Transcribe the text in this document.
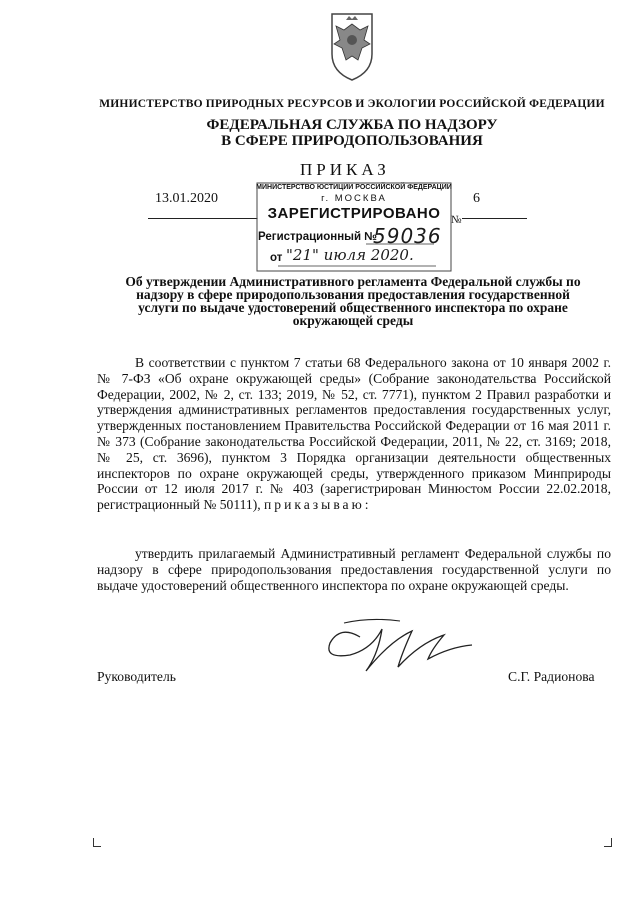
МИНИСТЕРСТВО ПРИРОДНЫХ РЕСУРСОВ И ЭКОЛОГИИ РОССИЙСКОЙ ФЕДЕРАЦИИ
ФЕДЕРАЛЬНАЯ СЛУЖБА ПО НАДЗОРУ
В СФЕРЕ ПРИРОДОПОЛЬЗОВАНИЯ
ПРИКАЗ
13.01.2020
№
6
МИНИСТЕРСТВО ЮСТИЦИИ РОССИЙСКОЙ ФЕДЕРАЦИИ
г. МОСКВА
ЗАРЕГИСТРИРОВАНО
Регистрационный №
59036
от "21" июля 2020.
Об утверждении Административного регламента Федеральной службы по надзору в сфере природопользования предоставления государственной услуги по выдаче удостоверений общественного инспектора по охране окружающей среды
В соответствии с пунктом 7 статьи 68 Федерального закона от 10 января 2002 г. № 7-ФЗ «Об охране окружающей среды» (Собрание законодательства Российской Федерации, 2002, № 2, ст. 133; 2019, № 52, ст. 7771), пунктом 2 Правил разработки и утверждения административных регламентов предоставления государственных услуг, утвержденных постановлением Правительства Российской Федерации от 16 мая 2011 г. № 373 (Собрание законодательства Российской Федерации, 2011, № 22, ст. 3169; 2018, № 25, ст. 3696), пунктом 3 Порядка организации деятельности общественных инспекторов по охране окружающей среды, утвержденного приказом Минприроды России от 12 июля 2017 г. № 403 (зарегистрирован Минюстом России 22.02.2018, регистрационный № 50111), приказываю:
утвердить прилагаемый Административный регламент Федеральной службы по надзору в сфере природопользования предоставления государственной услуги по выдаче удостоверений общественного инспектора по охране окружающей среды.
Руководитель	С.Г. Радионова
